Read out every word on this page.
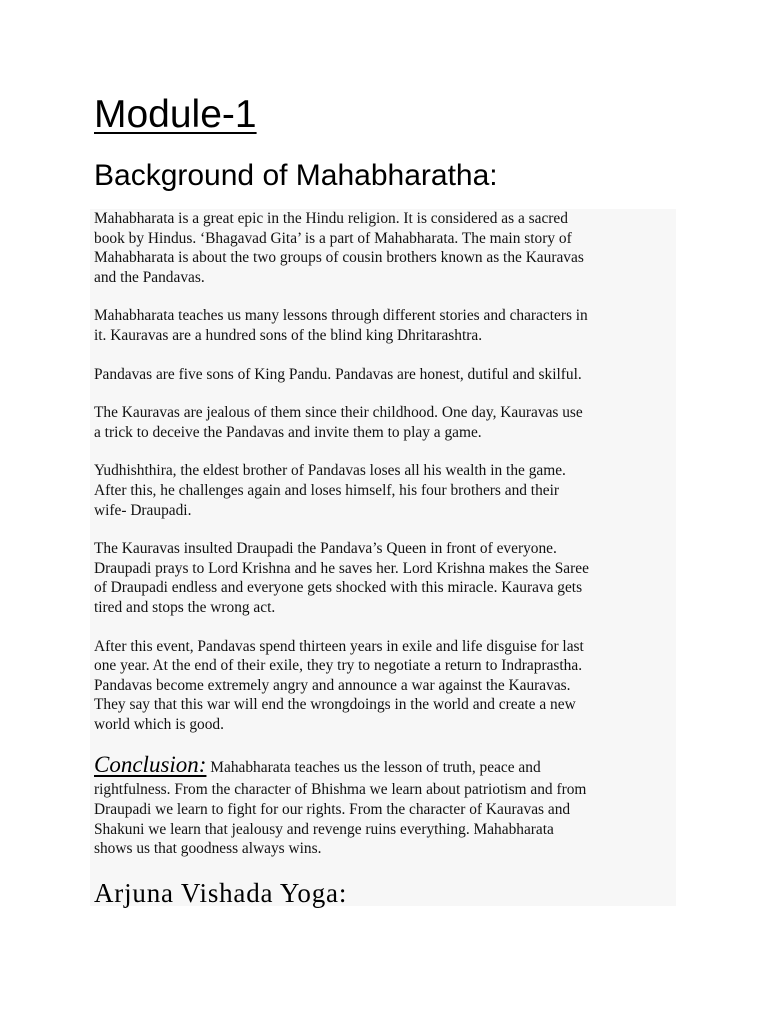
Module-1
Background of Mahabharatha:

Mahabharata is a great epic in the Hindu religion. It is considered as a sacred
book by Hindus. ‘Bhagavad Gita’ is a part of Mahabharata. The main story of
Mahabharata is about the two groups of cousin brothers known as the Kauravas
and the Pandavas.

Mahabharata teaches us many lessons through different stories and characters in
it. Kauravas are a hundred sons of the blind king Dhritarashtra.

Pandavas are five sons of King Pandu. Pandavas are honest, dutiful and skilful.

The Kauravas are jealous of them since their childhood. One day, Kauravas use
a trick to deceive the Pandavas and invite them to play a game.

Yudhishthira, the eldest brother of Pandavas loses all his wealth in the game.
After this, he challenges again and loses himself, his four brothers and their
wife- Draupadi.

The Kauravas insulted Draupadi the Pandava’s Queen in front of everyone.
Draupadi prays to Lord Krishna and he saves her. Lord Krishna makes the Saree
of Draupadi endless and everyone gets shocked with this miracle. Kaurava gets
tired and stops the wrong act.

After this event, Pandavas spend thirteen years in exile and life disguise for last
one year. At the end of their exile, they try to negotiate a return to Indraprastha.
Pandavas become extremely angry and announce a war against the Kauravas.
They say that this war will end the wrongdoings in the world and create a new
world which is good.

Conclusion: Mahabharata teaches us the lesson of truth, peace and
rightfulness. From the character of Bhishma we learn about patriotism and from
Draupadi we learn to fight for our rights. From the character of Kauravas and
Shakuni we learn that jealousy and revenge ruins everything. Mahabharata
shows us that goodness always wins.

Arjuna Vishada Yoga:
